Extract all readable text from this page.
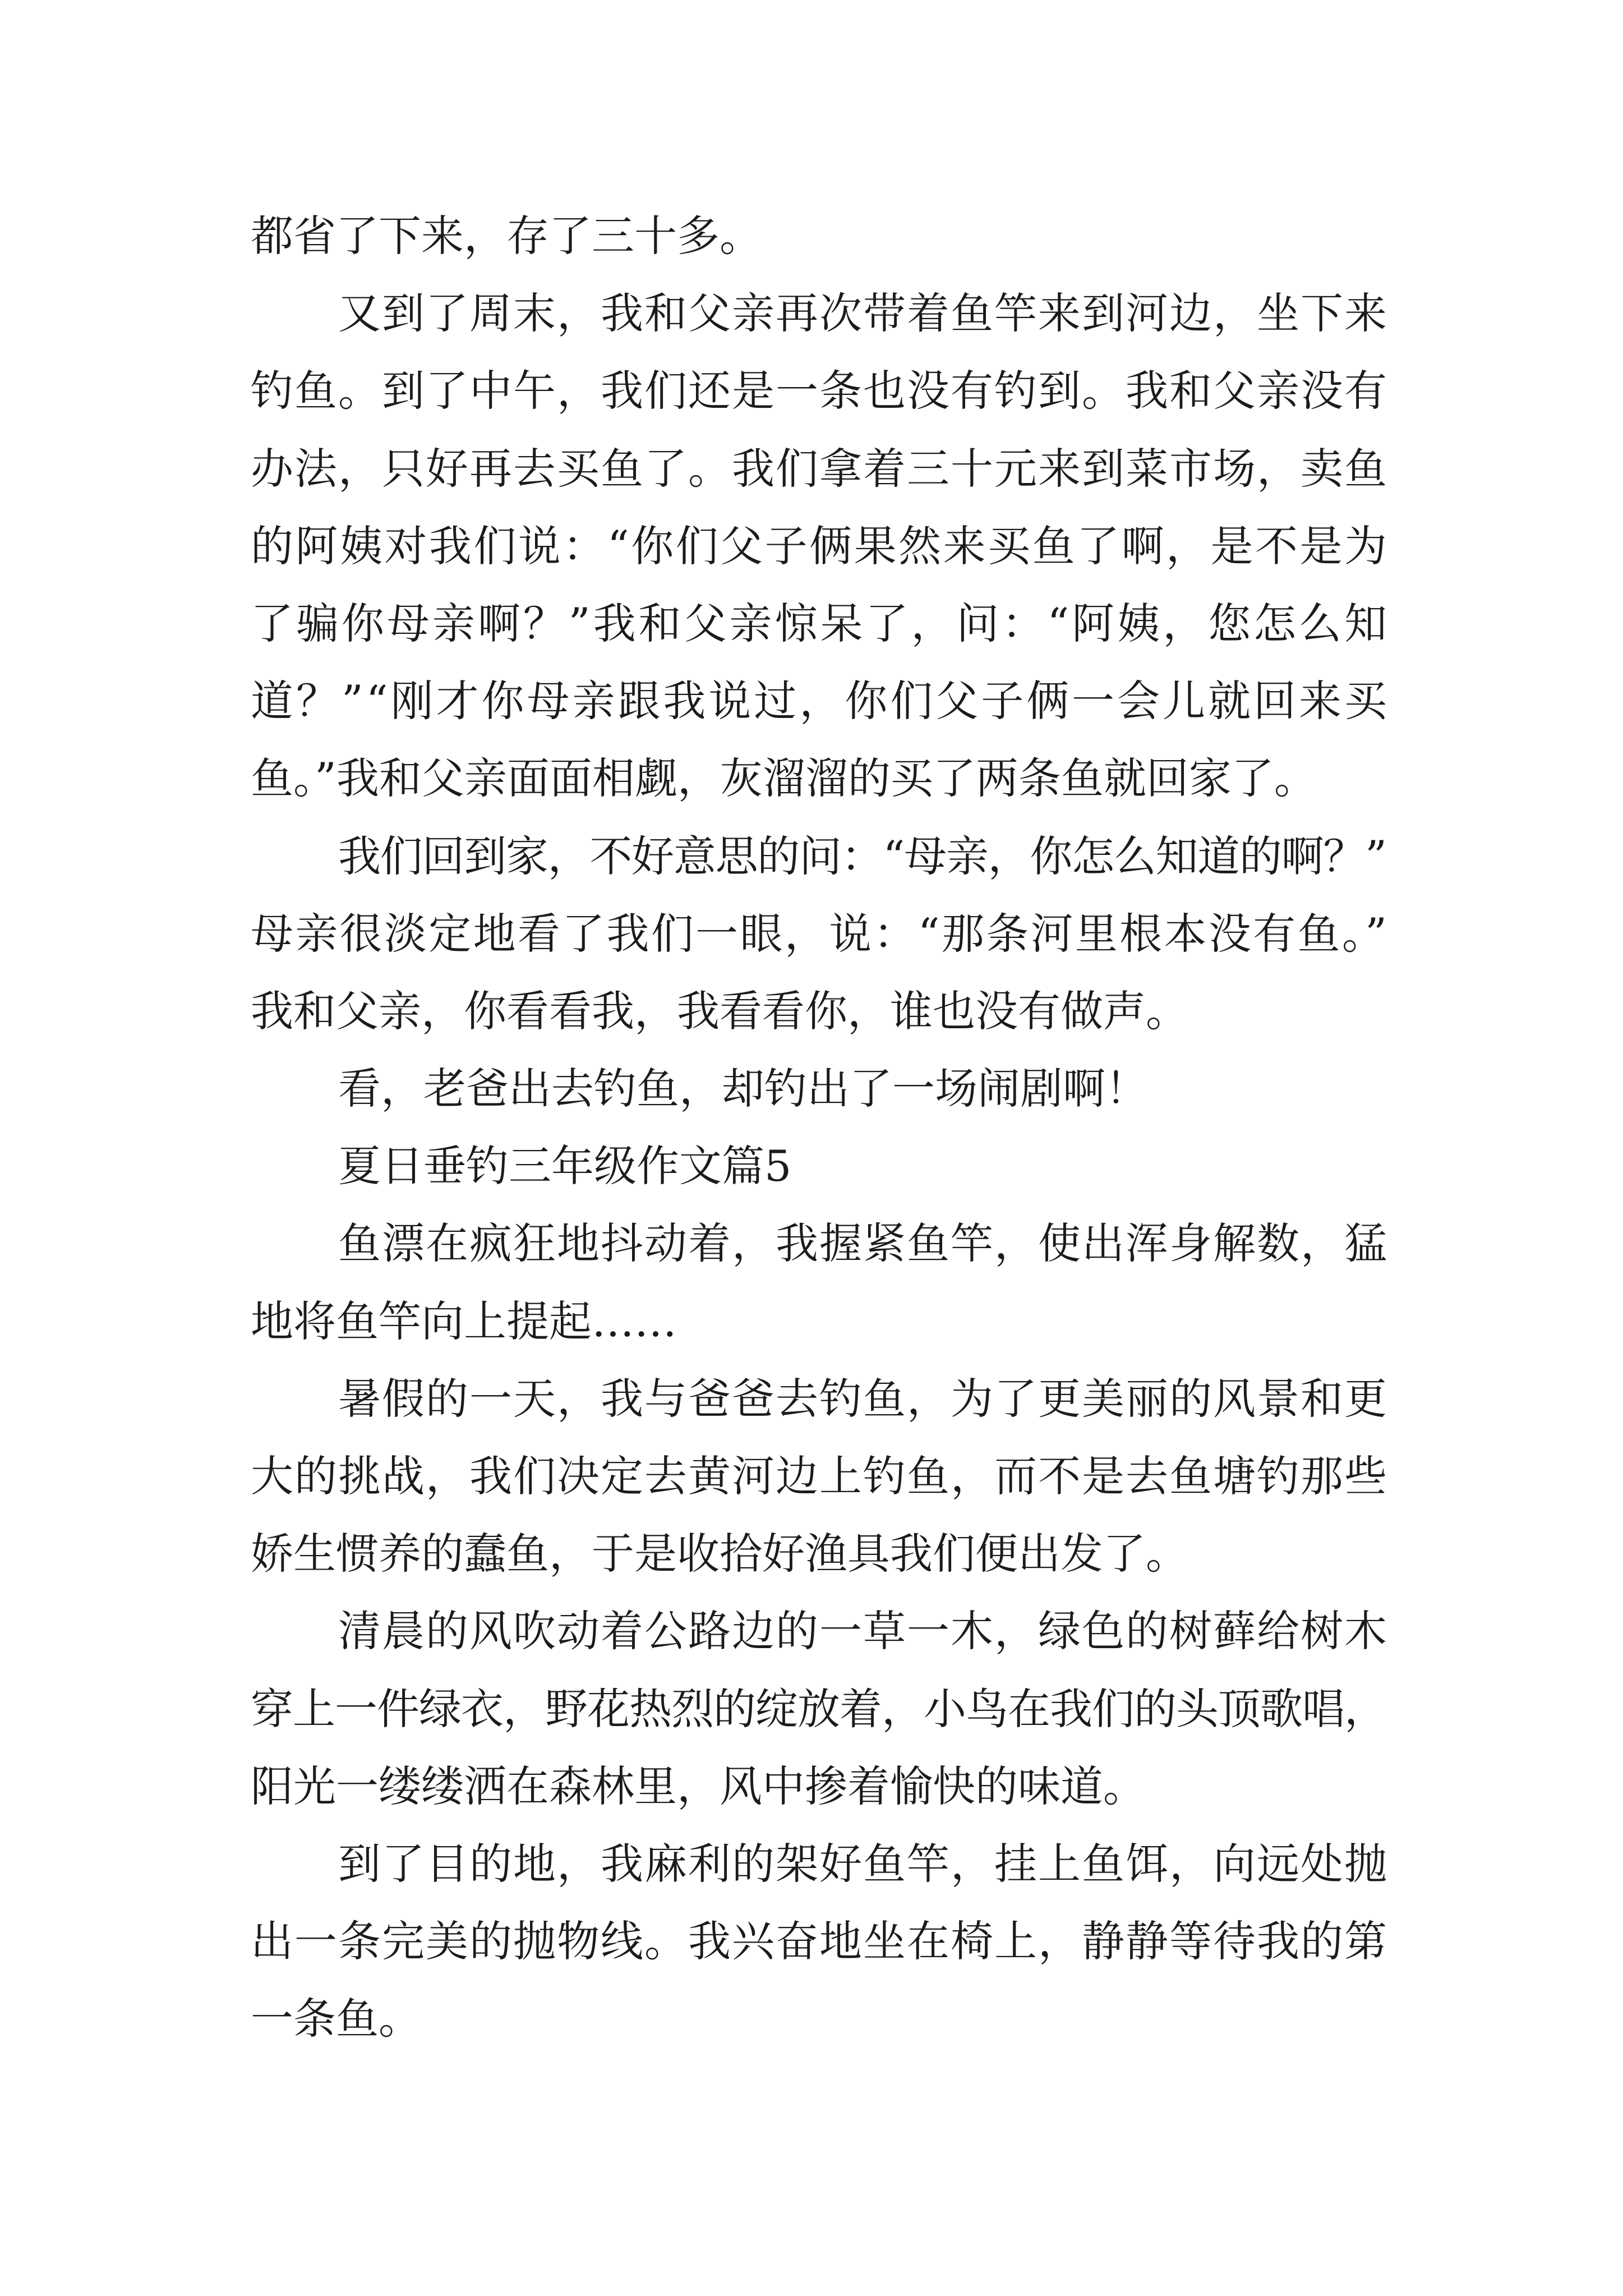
都省了下来，存了三十多。
又到了周末，我和父亲再次带着鱼竿来到河边，坐下来
钓鱼。到了中午，我们还是一条也没有钓到。我和父亲没有
办法，只好再去买鱼了。我们拿着三十元来到菜市场，卖鱼
的阿姨对我们说：“你们父子俩果然来买鱼了啊，是不是为
了骗你母亲啊？”我和父亲惊呆了，问：“阿姨，您怎么知
道？”“刚才你母亲跟我说过，你们父子俩一会儿就回来买
鱼。”我和父亲面面相觑，灰溜溜的买了两条鱼就回家了。
我们回到家，不好意思的问：“母亲，你怎么知道的啊？”
母亲很淡定地看了我们一眼，说：“那条河里根本没有鱼。”
我和父亲，你看看我，我看看你，谁也没有做声。
看，老爸出去钓鱼，却钓出了一场闹剧啊！
夏日垂钓三年级作文篇5
鱼漂在疯狂地抖动着，我握紧鱼竿，使出浑身解数，猛
地将鱼竿向上提起……
暑假的一天，我与爸爸去钓鱼，为了更美丽的风景和更
大的挑战，我们决定去黄河边上钓鱼，而不是去鱼塘钓那些
娇生惯养的蠢鱼，于是收拾好渔具我们便出发了。
清晨的风吹动着公路边的一草一木，绿色的树藓给树木
穿上一件绿衣，野花热烈的绽放着，小鸟在我们的头顶歌唱，
阳光一缕缕洒在森林里，风中掺着愉快的味道。
到了目的地，我麻利的架好鱼竿，挂上鱼饵，向远处抛
出一条完美的抛物线。我兴奋地坐在椅上，静静等待我的第
一条鱼。
